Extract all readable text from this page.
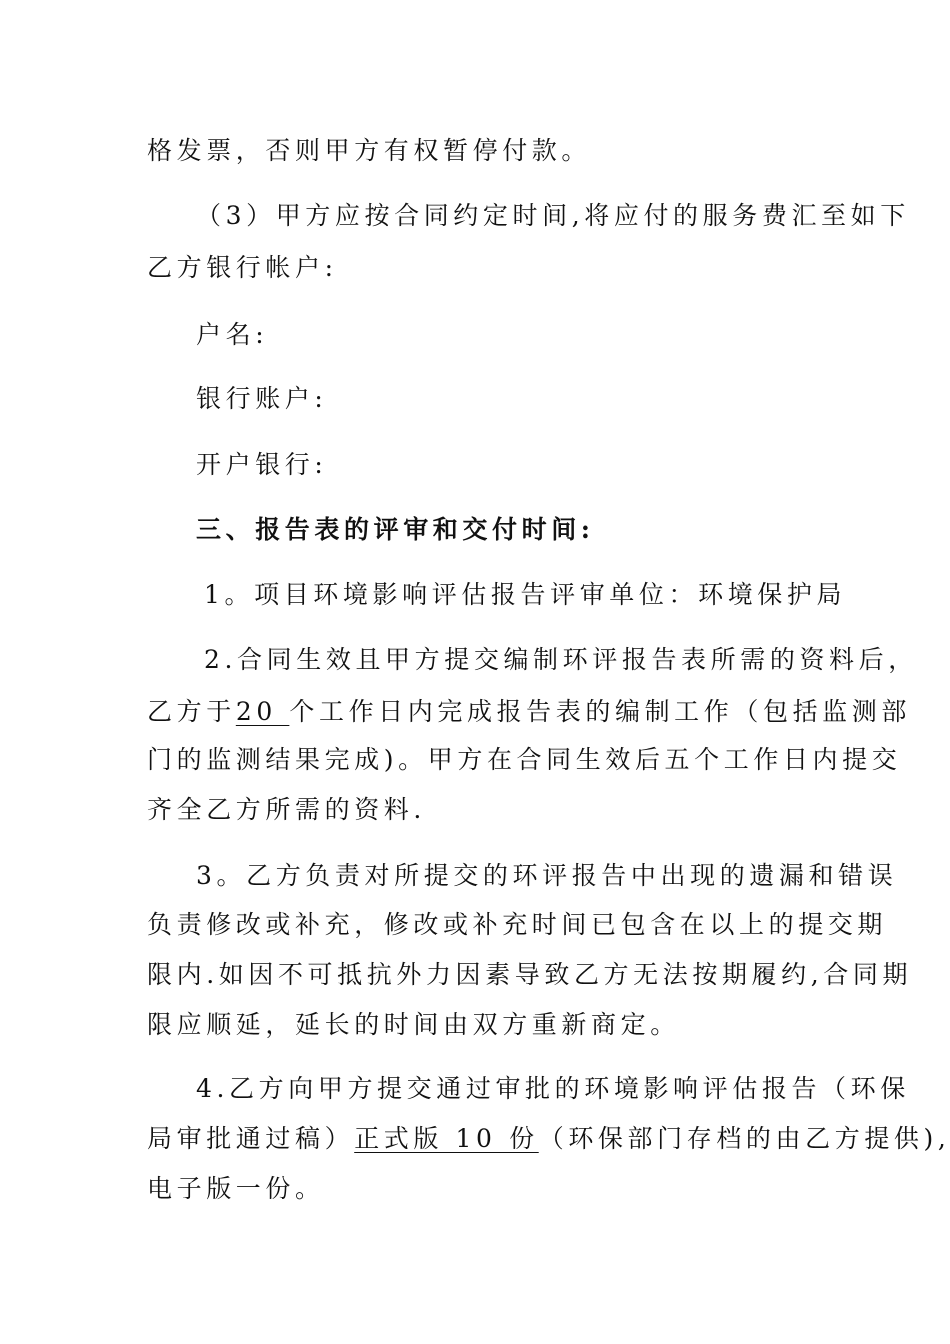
格发票，否则甲方有权暂停付款。
（3）甲方应按合同约定时间,将应付的服务费汇至如下
乙方银行帐户:
户名:
银行账户:
开户银行:
三、报告表的评审和交付时间:
1。项目环境影响评估报告评审单位：环境保护局
2.合同生效且甲方提交编制环评报告表所需的资料后，
乙方于20 个工作日内完成报告表的编制工作（包括监测部
门的监测结果完成)。甲方在合同生效后五个工作日内提交
齐全乙方所需的资料.
3。乙方负责对所提交的环评报告中出现的遗漏和错误
负责修改或补充，修改或补充时间已包含在以上的提交期
限内.如因不可抵抗外力因素导致乙方无法按期履约,合同期
限应顺延，延长的时间由双方重新商定。
4.乙方向甲方提交通过审批的环境影响评估报告（环保
局审批通过稿）正式版 10 份（环保部门存档的由乙方提供),
电子版一份。
